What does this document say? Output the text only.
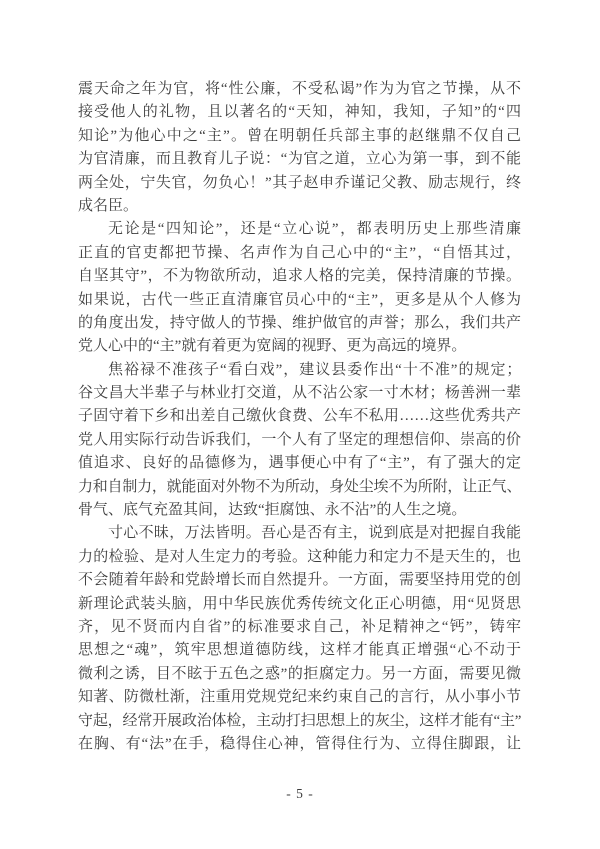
震天命之年为官，将“性公廉，不受私谒”作为为官之节操，从不
接受他人的礼物，且以著名的“天知，神知，我知，子知”的“四
知论”为他心中之“主”。曾在明朝任兵部主事的赵继鼎不仅自己
为官清廉，而且教育儿子说：“为官之道，立心为第一事，到不能
两全处，宁失官，勿负心！”其子赵申乔谨记父教、励志规行，终
成名臣。
无论是“四知论”，还是“立心说”，都表明历史上那些清廉
正直的官吏都把节操、名声作为自己心中的“主”，“自悟其过，
自坚其守”，不为物欲所动，追求人格的完美，保持清廉的节操。
如果说，古代一些正直清廉官员心中的“主”，更多是从个人修为
的角度出发，持守做人的节操、维护做官的声誉；那么，我们共产
党人心中的“主”就有着更为宽阔的视野、更为高远的境界。
焦裕禄不准孩子“看白戏”，建议县委作出“十不准”的规定；
谷文昌大半辈子与林业打交道，从不沾公家一寸木材；杨善洲一辈
子固守着下乡和出差自己缴伙食费、公车不私用……这些优秀共产
党人用实际行动告诉我们，一个人有了坚定的理想信仰、崇高的价
值追求、良好的品德修为，遇事便心中有了“主”，有了强大的定
力和自制力，就能面对外物不为所动，身处尘埃不为所附，让正气、
骨气、底气充盈其间，达致“拒腐蚀、永不沾”的人生之境。
寸心不昧，万法皆明。吾心是否有主，说到底是对把握自我能
力的检验、是对人生定力的考验。这种能力和定力不是天生的，也
不会随着年龄和党龄增长而自然提升。一方面，需要坚持用党的创
新理论武装头脑，用中华民族优秀传统文化正心明德，用“见贤思
齐，见不贤而内自省”的标准要求自己，补足精神之“钙”，铸牢
思想之“魂”，筑牢思想道德防线，这样才能真正增强“心不动于
微利之诱，目不眩于五色之惑”的拒腐定力。另一方面，需要见微
知著、防微杜渐，注重用党规党纪来约束自己的言行，从小事小节
守起，经常开展政治体检，主动打扫思想上的灰尘，这样才能有“主”
在胸、有“法”在手，稳得住心神，管得住行为、立得住脚跟，让
- 5 -
